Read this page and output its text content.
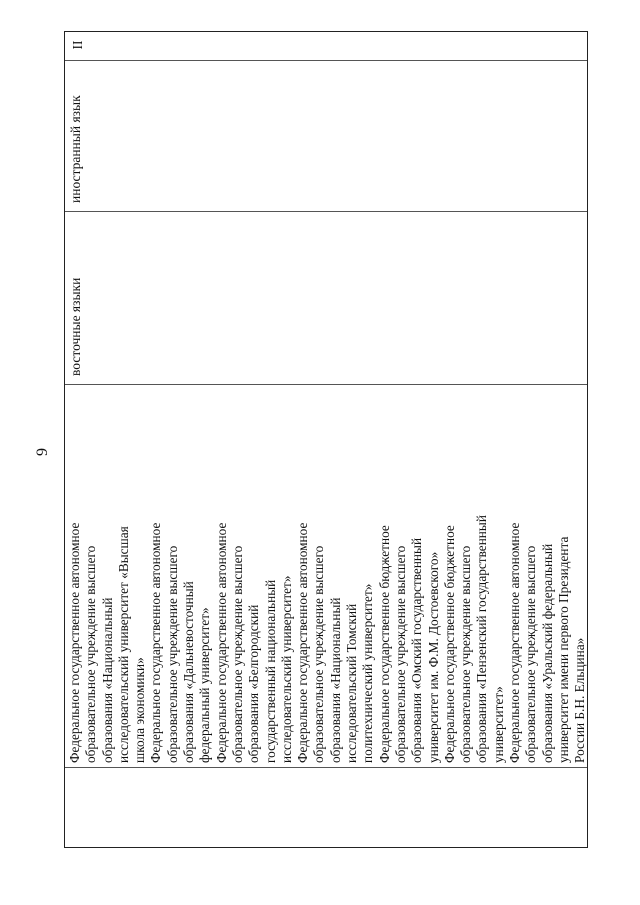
9
Федеральное государственное автономное образовательное учреждение высшего образования «Национальный исследовательский университет «Высшая школа экономики» Федеральное государственное автономное образовательное учреждение высшего образования «Дальневосточный федеральный университет» Федеральное государственное автономное образовательное учреждение высшего образования «Белгородский государственный национальный исследовательский университет» Федеральное государственное автономное образовательное учреждение высшего образования «Национальный исследовательский Томский политехнический университет» Федеральное государственное бюджетное образовательное учреждение высшего образования «Омский государственный университет им. Ф.М. Достоевского» Федеральное государственное бюджетное образовательное учреждение высшего образования «Пензенский государственный университет» Федеральное государственное автономное образовательное учреждение высшего образования «Уральский федеральный университет имени первого Президента России Б.Н. Ельцина»
восточные языки
иностранный язык
II
